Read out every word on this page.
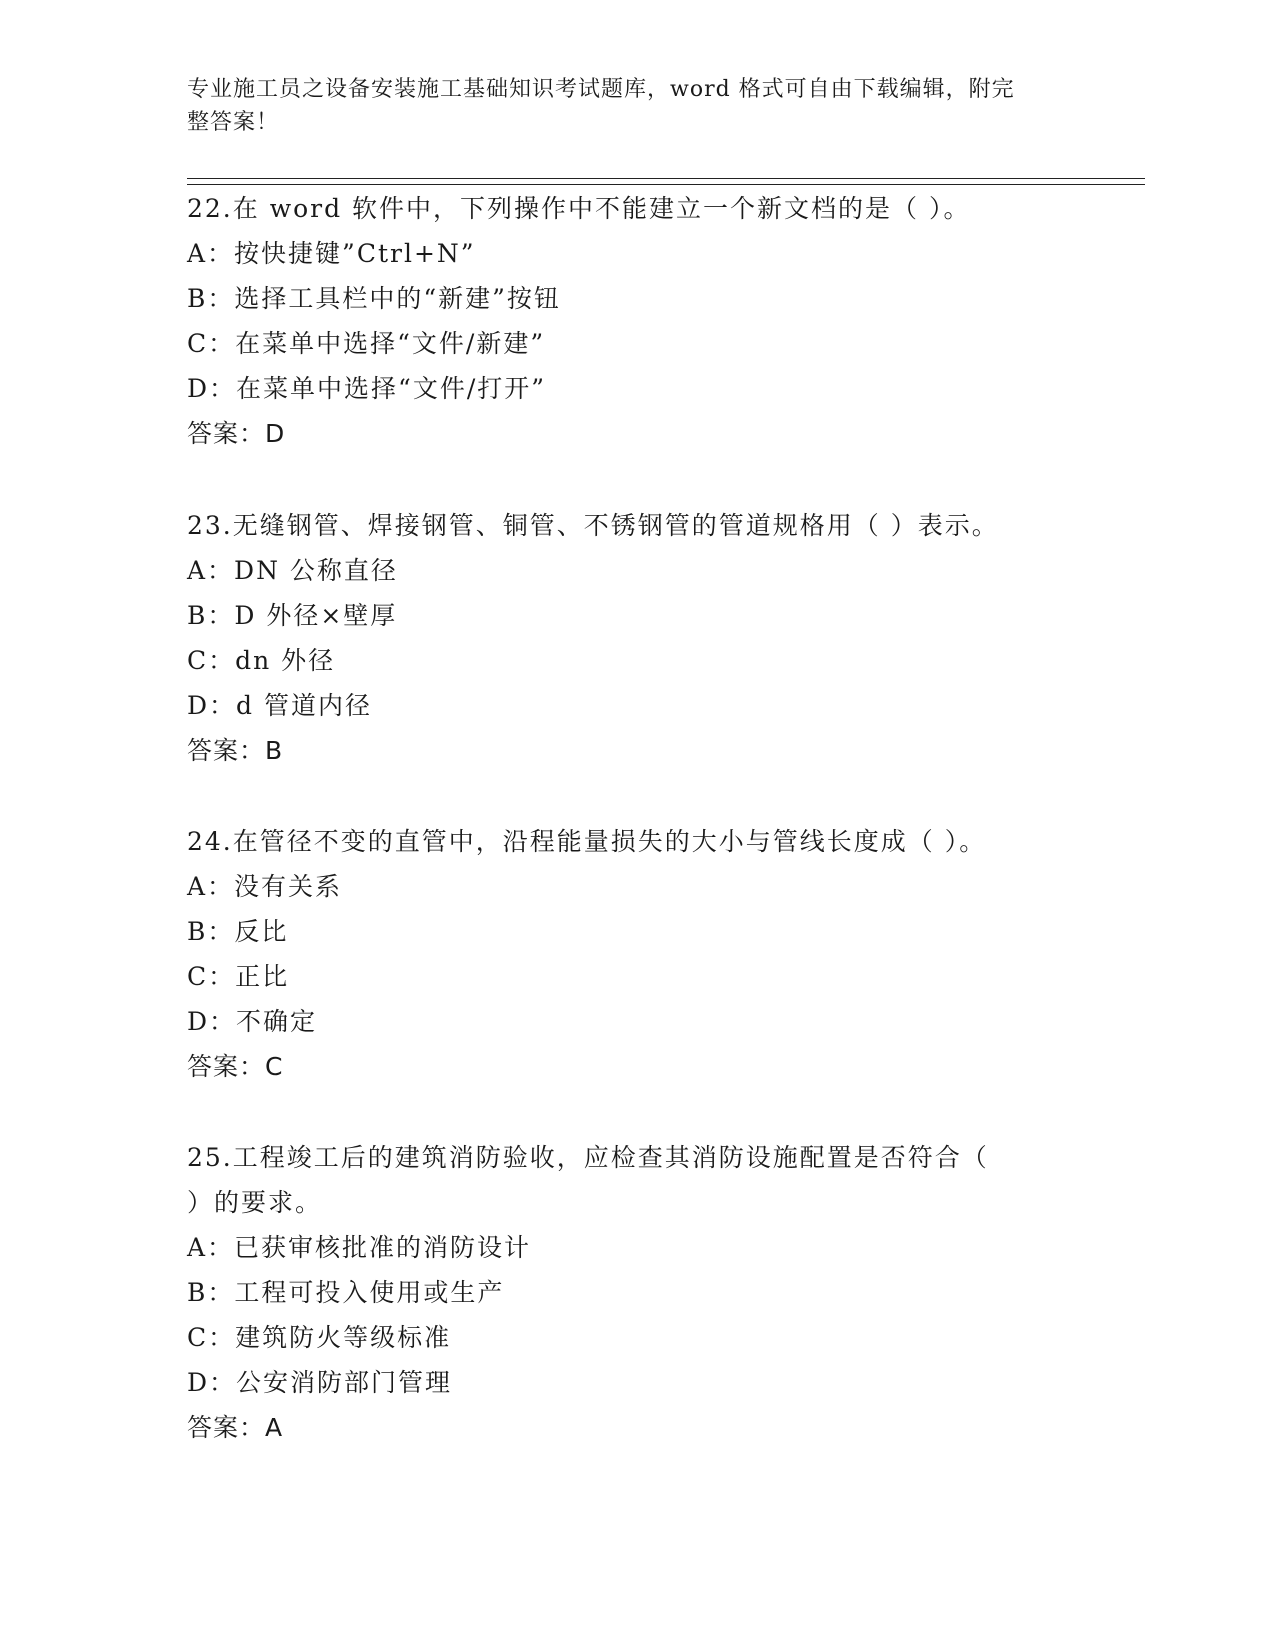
专业施工员之设备安装施工基础知识考试题库，word 格式可自由下载编辑，附完
整答案！
22.在 word 软件中，下列操作中不能建立一个新文档的是（ ）。
A：按快捷键”Ctrl+N”
B：选择工具栏中的“新建”按钮
C：在菜单中选择“文件/新建”
D：在菜单中选择“文件/打开”
答案：D
23.无缝钢管、焊接钢管、铜管、不锈钢管的管道规格用（ ）表示。
A：DN 公称直径
B：D 外径×壁厚
C：dn 外径
D：d 管道内径
答案：B
24.在管径不变的直管中，沿程能量损失的大小与管线长度成（ ）。
A：没有关系
B：反比
C：正比
D：不确定
答案：C
25.工程竣工后的建筑消防验收，应检查其消防设施配置是否符合（
）的要求。
A：已获审核批准的消防设计
B：工程可投入使用或生产
C：建筑防火等级标准
D：公安消防部门管理
答案：A
